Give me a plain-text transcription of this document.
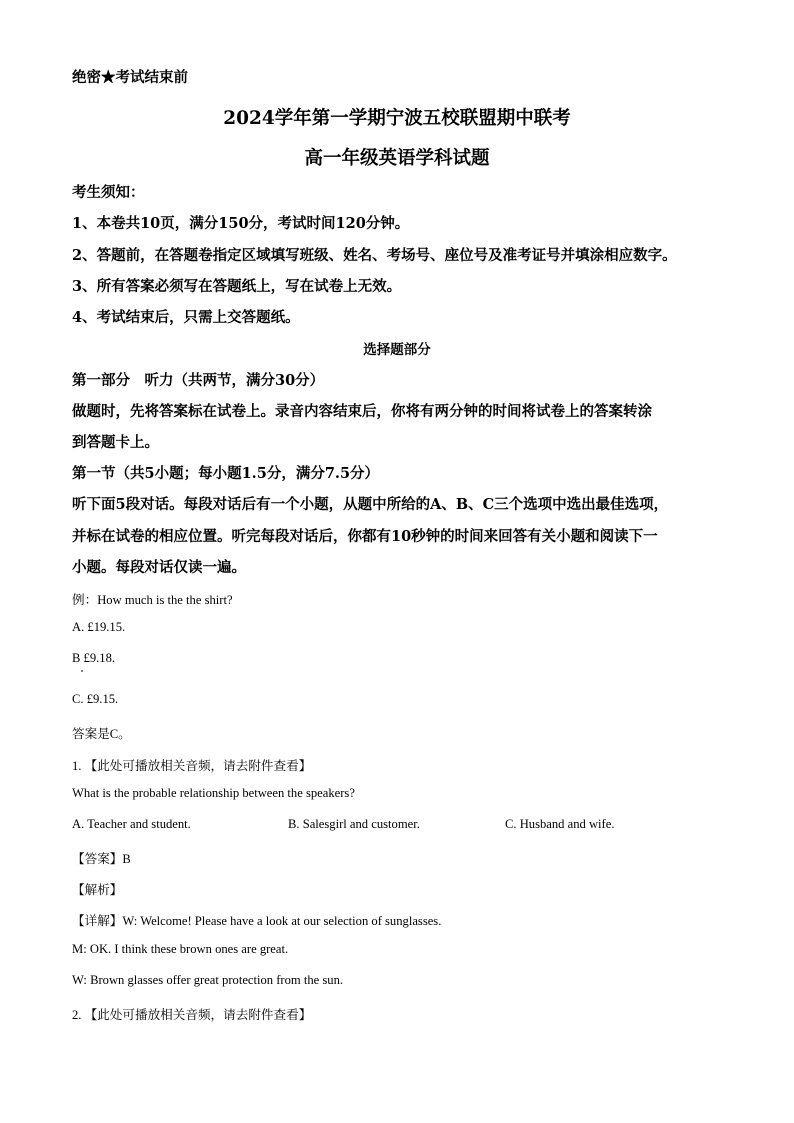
绝密★考试结束前
2024学年第一学期宁波五校联盟期中联考
高一年级英语学科试题
考生须知：
1、本卷共10页，满分150分，考试时间120分钟。
2、答题前，在答题卷指定区域填写班级、姓名、考场号、座位号及准考证号并填涂相应数字。
3、所有答案必须写在答题纸上，写在试卷上无效。
4、考试结束后，只需上交答题纸。
选择题部分
第一部分　听力（共两节，满分30分）
做题时，先将答案标在试卷上。录音内容结束后，你将有两分钟的时间将试卷上的答案转涂
到答题卡上。
第一节（共5小题；每小题1.5分，满分7.5分）
听下面5段对话。每段对话后有一个小题，从题中所给的A、B、C三个选项中选出最佳选项，
并标在试卷的相应位置。听完每段对话后，你都有10秒钟的时间来回答有关小题和阅读下一
小题。每段对话仅读一遍。
例：How much is the the shirt?
A. £19.15.
B £9.18.
C. £9.15.
答案是C。
1. 【此处可播放相关音频，请去附件查看】
What is the probable relationship between the speakers?
A. Teacher and student.	B. Salesgirl and customer.	C. Husband and wife.
【答案】B
【解析】
【详解】W: Welcome! Please have a look at our selection of sunglasses.
M: OK. I think these brown ones are great.
W: Brown glasses offer great protection from the sun.
2. 【此处可播放相关音频，请去附件查看】
